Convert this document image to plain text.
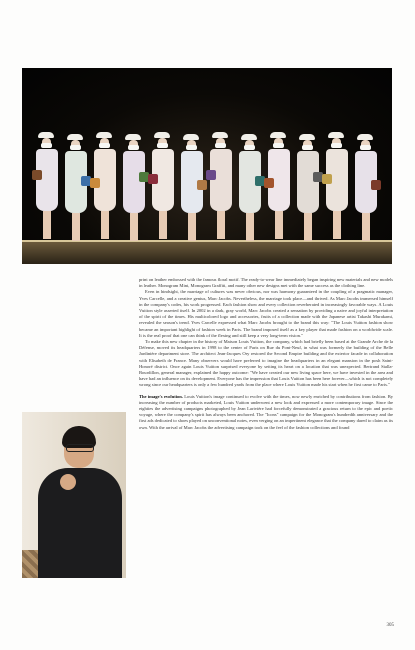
print on leather embossed with the famous floral motif. The ready-to-wear line immediately began inspiring new materials and new models in leather. Monogram Mini, Monogram Graffiti, and many other new designs met with the same success as the clothing line.

Even in hindsight, the marriage of cultures was never obvious, nor was harmony guaranteed in the coupling of a pragmatic manager, Yves Carcelle, and a creative genius, Marc Jacobs. Nevertheless, the marriage took place—and thrived. As Marc Jacobs immersed himself in the company's codes, his work progressed. Each fashion show and every collection reverberated in increasingly favorable ways. A Louis Vuitton style asserted itself. In 2002 in a dark, gray world, Marc Jacobs created a sensation by providing a naive and joyful interpretation of the spirit of the times. His multicolored logo and accessories, fruits of a collection made with the Japanese artist Takashi Murakami, revealed the season's trend. Yves Carcelle expressed what Marc Jacobs brought to the brand this way: "The Louis Vuitton fashion show became an important highlight of fashion week in Paris. The brand imposed itself as a key player that made fashion on a worldwide scale. It is the real proof that one can think of the flexing and still keep a very long-term vision."

To make this new chapter in the history of Maison Louis Vuitton, the company, which had briefly been based at the Grande Arche de la Défense, moved its headquarters in 1998 to the center of Paris on Rue du Pont-Neuf, in what was formerly the building of the Belle Jardinière department store. The architect Jean-Jacques Ory restored the Second Empire building and the exterior facade in collaboration with Elisabeth de France. Many observers would have preferred to imagine the headquarters in an elegant mansion in the posh Saint-Honoré district. Once again Louis Vuitton surprised everyone by setting its heart on a location that was unexpected. Bertrand Stalla-Bourdillon, general manager, explained the happy outcome: "We have created our new living space here, we have invested in the area and have had an influence on its development. Everyone has the impression that Louis Vuitton has been here forever—which is not completely wrong since our headquarters is only a few hundred yards from the place where Louis Vuitton made his start when he first came to Paris."

The image's evolution. Louis Vuitton's image continued to evolve with the times, now newly enriched by contributions from fashion. By increasing the number of products marketed, Louis Vuitton underwent a new look and expressed a more contemporary image. Since the eighties the advertising campaigns photographed by Jean Larivière had forcefully demonstrated a gracious return to the epic and poetic voyage, where the company's spirit has always been anchored. The "Icons" campaign for the Monogram's hundredth anniversary and the first ads dedicated to shoes played on unconventional notes, even verging on an impertinent elegance that the company dared to claim as its own. With the arrival of Marc Jacobs the advertising campaign took on the feel of the fashion collections and found

305
